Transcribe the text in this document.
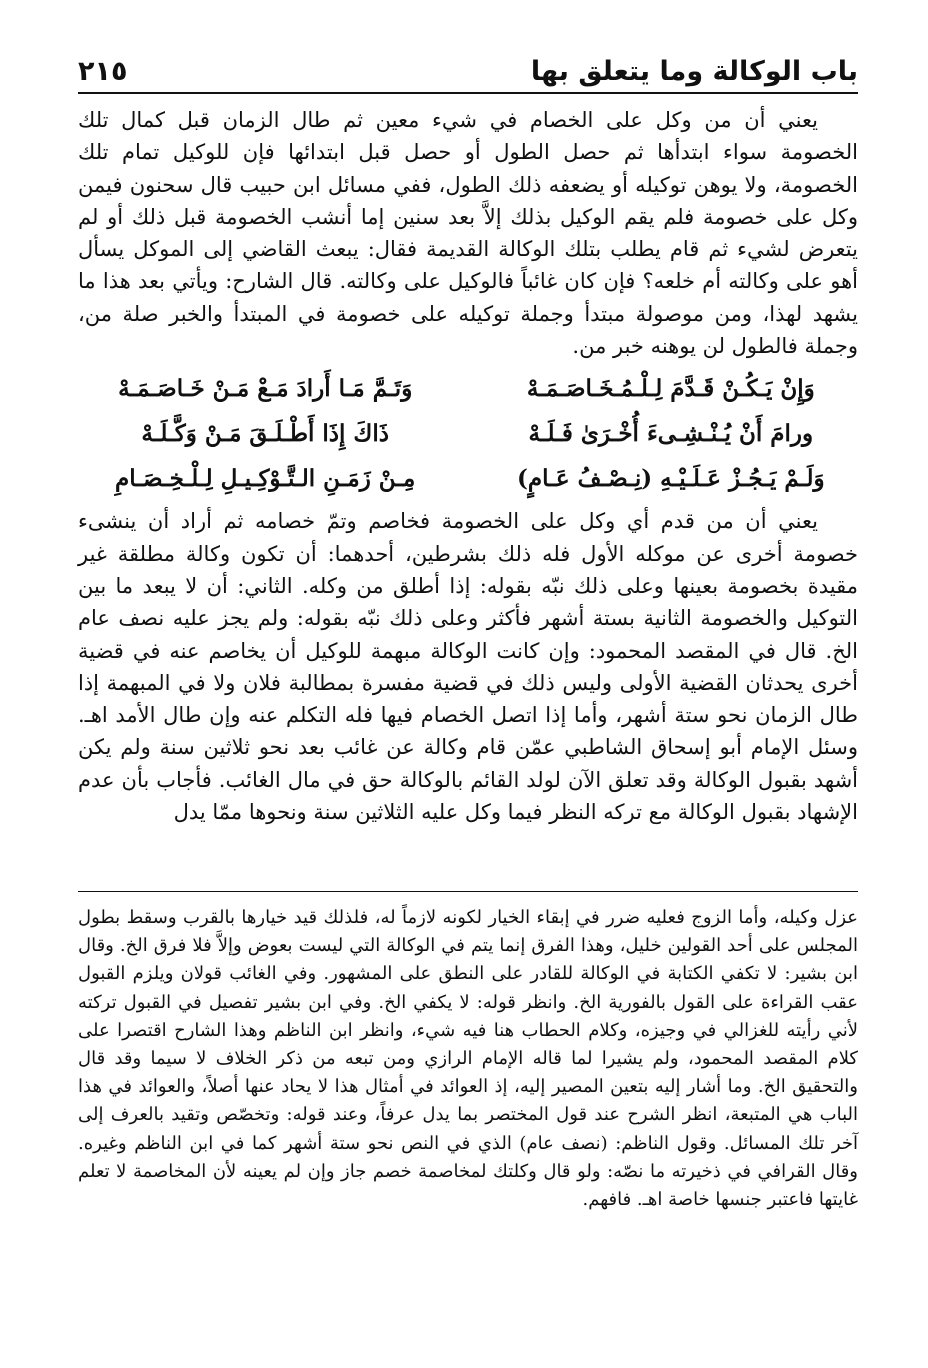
باب الوكالة وما يتعلق بها
٢١٥

يعني أن من وكل على الخصام في شيء معين ثم طال الزمان قبل كمال تلك الخصومة سواء ابتدأها ثم حصل الطول أو حصل قبل ابتدائها فإن للوكيل تمام تلك الخصومة، ولا يوهن توكيله أو يضعفه ذلك الطول، ففي مسائل ابن حبيب قال سحنون فيمن وكل على خصومة فلم يقم الوكيل بذلك إلاَّ بعد سنين إما أنشب الخصومة قبل ذلك أو لم يتعرض لشيء ثم قام يطلب بتلك الوكالة القديمة فقال: يبعث القاضي إلى الموكل يسأل أهو على وكالته أم خلعه؟ فإن كان غائباً فالوكيل على وكالته. قال الشارح: ويأتي بعد هذا ما يشهد لهذا، ومن موصولة مبتدأ وجملة توكيله على خصومة في المبتدأ والخبر صلة من، وجملة فالطول لن يوهنه خبر من.

وَإِنْ يَـكُـنْ قَـدَّمَ لِـلْـمُـخَـاصَـمَـهْ
وَتَـمَّ مَـا أَرادَ مَـعْ مَـنْ خَـاصَـمَـهْ
ورامَ أَنْ يُـنْـشِـىءَ أُخْـرَىٰ فَـلَـهْ
ذَاكَ إِذَا أَطْـلَـقَ مَـنْ وَكَّـلَـهْ
وَلَـمْ يَـجُـزْ عَـلَـيْـهِ (نِـصْـفُ عَـامٍ)
مِـنْ زَمَـنِ الـتَّـوْكِـيـلِ لِـلْـخِـصَـامِ

يعني أن من قدم أي وكل على الخصومة فخاصم وتمّ خصامه ثم أراد أن ينشىء خصومة أخرى عن موكله الأول فله ذلك بشرطين، أحدهما: أن تكون وكالة مطلقة غير مقيدة بخصومة بعينها وعلى ذلك نبّه بقوله: إذا أطلق من وكله. الثاني: أن لا يبعد ما بين التوكيل والخصومة الثانية بستة أشهر فأكثر وعلى ذلك نبّه بقوله: ولم يجز عليه نصف عام الخ. قال في المقصد المحمود: وإن كانت الوكالة مبهمة للوكيل أن يخاصم عنه في قضية أخرى يحدثان القضية الأولى وليس ذلك في قضية مفسرة بمطالبة فلان ولا في المبهمة إذا طال الزمان نحو ستة أشهر، وأما إذا اتصل الخصام فيها فله التكلم عنه وإن طال الأمد اهـ. وسئل الإمام أبو إسحاق الشاطبي عمّن قام وكالة عن غائب بعد نحو ثلاثين سنة ولم يكن أشهد بقبول الوكالة وقد تعلق الآن لولد القائم بالوكالة حق في مال الغائب. فأجاب بأن عدم الإشهاد بقبول الوكالة مع تركه النظر فيما وكل عليه الثلاثين سنة ونحوها ممّا يدل

عزل وكيله، وأما الزوج فعليه ضرر في إبقاء الخيار لكونه لازماً له، فلذلك قيد خيارها بالقرب وسقط بطول المجلس على أحد القولين خليل، وهذا الفرق إنما يتم في الوكالة التي ليست بعوض وإلاَّ فلا فرق الخ. وقال ابن بشير: لا تكفي الكتابة في الوكالة للقادر على النطق على المشهور. وفي الغائب قولان ويلزم القبول عقب القراءة على القول بالفورية الخ. وانظر قوله: لا يكفي الخ. وفي ابن بشير تفصيل في القبول تركته لأني رأيته للغزالي في وجيزه، وكلام الحطاب هنا فيه شيء، وانظر ابن الناظم وهذا الشارح اقتصرا على كلام المقصد المحمود، ولم يشيرا لما قاله الإمام الرازي ومن تبعه من ذكر الخلاف لا سيما وقد قال والتحقيق الخ. وما أشار إليه بتعين المصير إليه، إذ العوائد في أمثال هذا لا يحاد عنها أصلاً، والعوائد في هذا الباب هي المتبعة، انظر الشرح عند قول المختصر بما يدل عرفاً، وعند قوله: وتخصّص وتقيد بالعرف إلى آخر تلك المسائل. وقول الناظم: (نصف عام) الذي في النص نحو ستة أشهر كما في ابن الناظم وغيره. وقال القرافي في ذخيرته ما نصّه: ولو قال وكلتك لمخاصمة خصم جاز وإن لم يعينه لأن المخاصمة لا تعلم غايتها فاعتبر جنسها خاصة اهـ. فافهم.
